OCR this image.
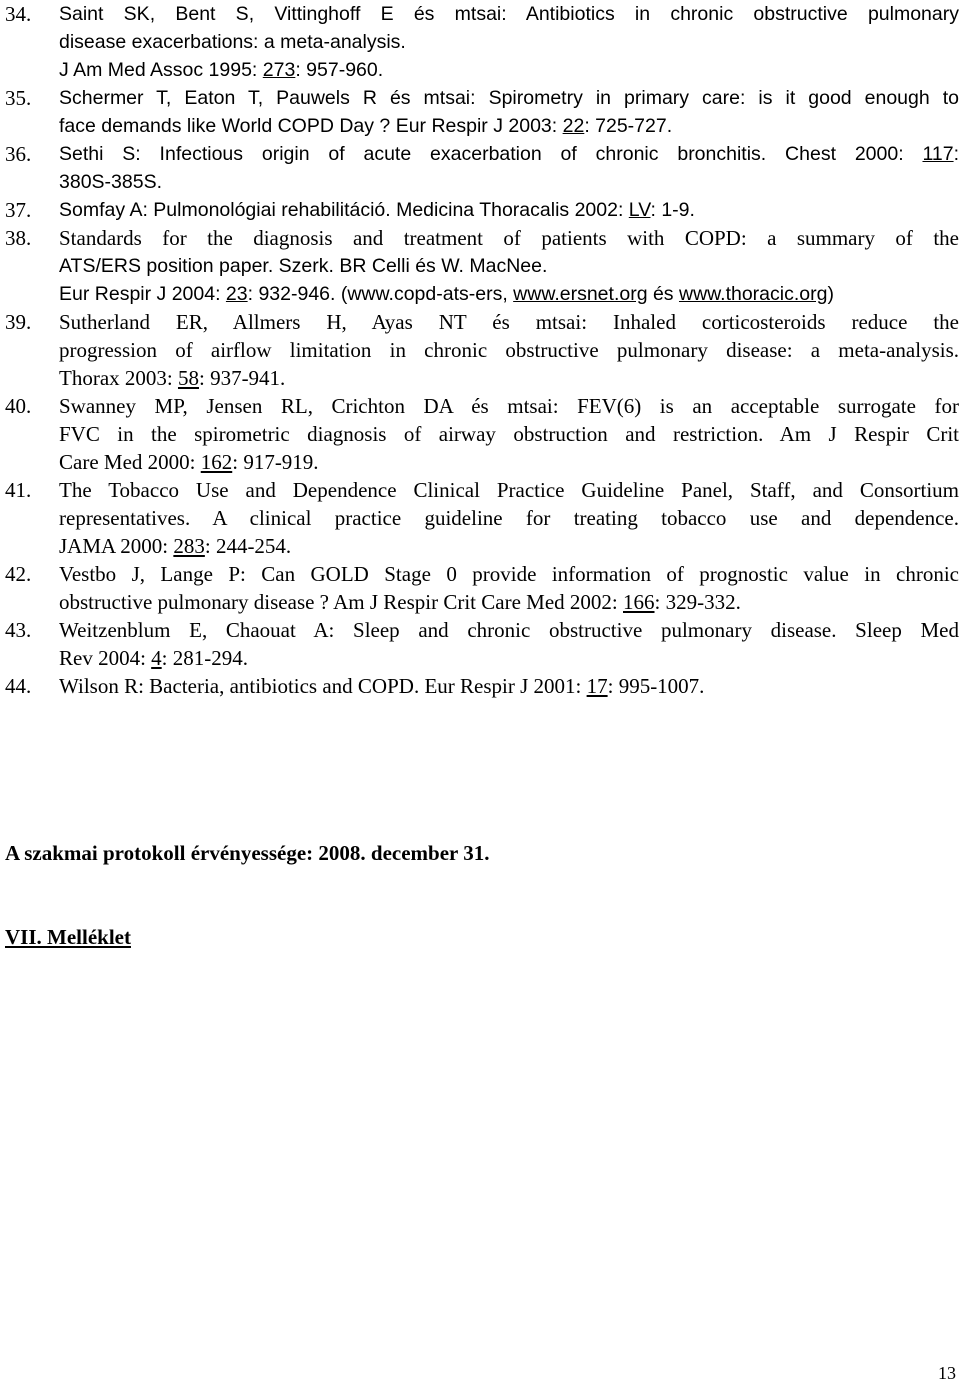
34. Saint SK, Bent S, Vittinghoff E és mtsai: Antibiotics in chronic obstructive pulmonary
disease exacerbations: a meta-analysis.
J Am Med Assoc 1995: 273: 957-960.
35. Schermer T, Eaton T, Pauwels R és mtsai: Spirometry in primary care: is it good enough to
face demands like World COPD Day ? Eur Respir J 2003: 22: 725-727.
36. Sethi S: Infectious origin of acute exacerbation of chronic bronchitis. Chest 2000: 117:
380S-385S.
37. Somfay A: Pulmonológiai rehabilitáció. Medicina Thoracalis 2002: LV: 1-9.
38. Standards for the diagnosis and treatment of patients with COPD: a summary of the
ATS/ERS position paper. Szerk. BR Celli és W. MacNee.
Eur Respir J 2004: 23: 932-946. (www.copd-ats-ers, www.ersnet.org és www.thoracic.org)
39. Sutherland ER, Allmers H, Ayas NT és mtsai: Inhaled corticosteroids reduce the
progression of airflow limitation in chronic obstructive pulmonary disease: a meta-analysis.
Thorax 2003: 58: 937-941.
40. Swanney MP, Jensen RL, Crichton DA és mtsai: FEV(6) is an acceptable surrogate for
FVC in the spirometric diagnosis of airway obstruction and restriction. Am J Respir Crit
Care Med 2000: 162: 917-919.
41. The Tobacco Use and Dependence Clinical Practice Guideline Panel, Staff, and Consortium
representatives. A clinical practice guideline for treating tobacco use and dependence.
JAMA 2000: 283: 244-254.
42. Vestbo J, Lange P: Can GOLD Stage 0 provide information of prognostic value in chronic
obstructive pulmonary disease ? Am J Respir Crit Care Med 2002: 166: 329-332.
43. Weitzenblum E, Chaouat A: Sleep and chronic obstructive pulmonary disease. Sleep Med
Rev 2004: 4: 281-294.
44. Wilson R: Bacteria, antibiotics and COPD. Eur Respir J 2001: 17: 995-1007.
A szakmai protokoll érvényessége: 2008. december 31.
VII. Melléklet
13
